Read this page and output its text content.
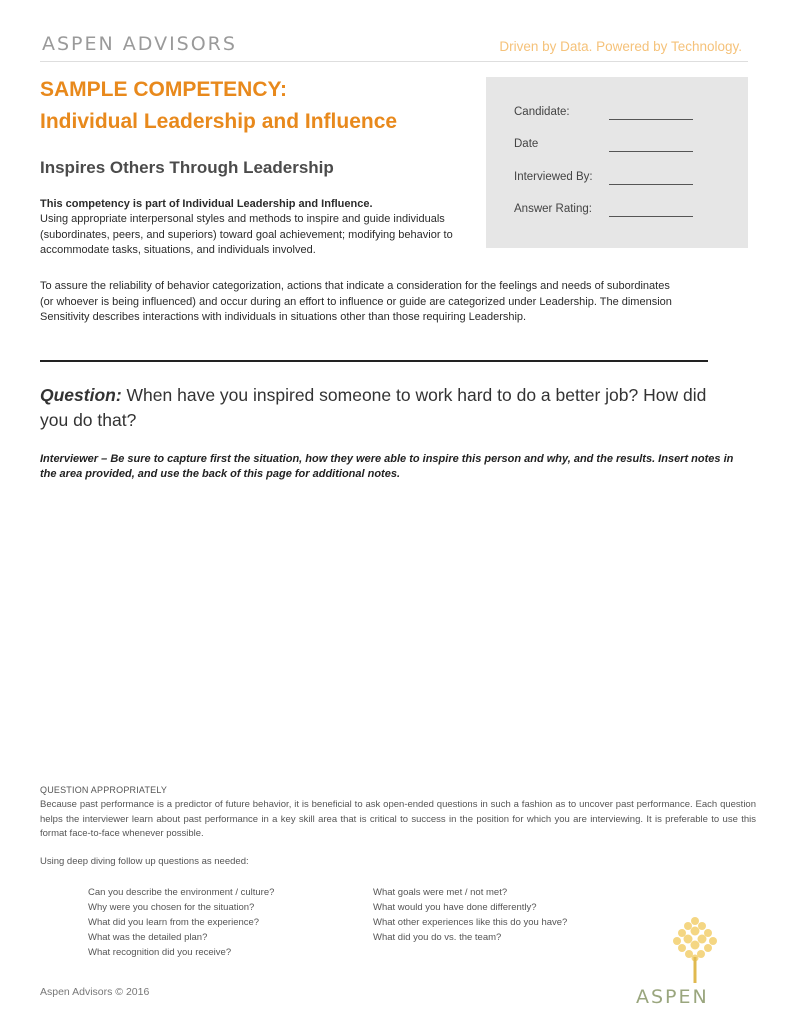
ASPEN ADVISORS	Driven by Data. Powered by Technology.
SAMPLE COMPETENCY:
Individual Leadership and Influence
Inspires Others Through Leadership
This competency is part of Individual Leadership and Influence.
Using appropriate interpersonal styles and methods to inspire and guide individuals (subordinates, peers, and superiors) toward goal achievement; modifying behavior to accommodate tasks, situations, and individuals involved.
To assure the reliability of behavior categorization, actions that indicate a consideration for the feelings and needs of subordinates (or whoever is being influenced) and occur during an effort to influence or guide are categorized under Leadership. The dimension Sensitivity describes interactions with individuals in situations other than those requiring Leadership.
Candidate:
Date
Interviewed By:
Answer Rating:
Question: When have you inspired someone to work hard to do a better job? How did you do that?
Interviewer – Be sure to capture first the situation, how they were able to inspire this person and why, and the results. Insert notes in the area provided, and use the back of this page for additional notes.
QUESTION APPROPRIATELY
Because past performance is a predictor of future behavior, it is beneficial to ask open-ended questions in such a fashion as to uncover past performance. Each question helps the interviewer learn about past performance in a key skill area that is critical to success in the position for which you are interviewing. It is preferable to use this format face-to-face whenever possible.
Using deep diving follow up questions as needed:
Can you describe the environment / culture?
Why were you chosen for the situation?
What did you learn from the experience?
What was the detailed plan?
What recognition did you receive?
What goals were met / not met?
What would you have done differently?
What other experiences like this do you have?
What did you do vs. the team?
Aspen Advisors © 2016	ASPEN
